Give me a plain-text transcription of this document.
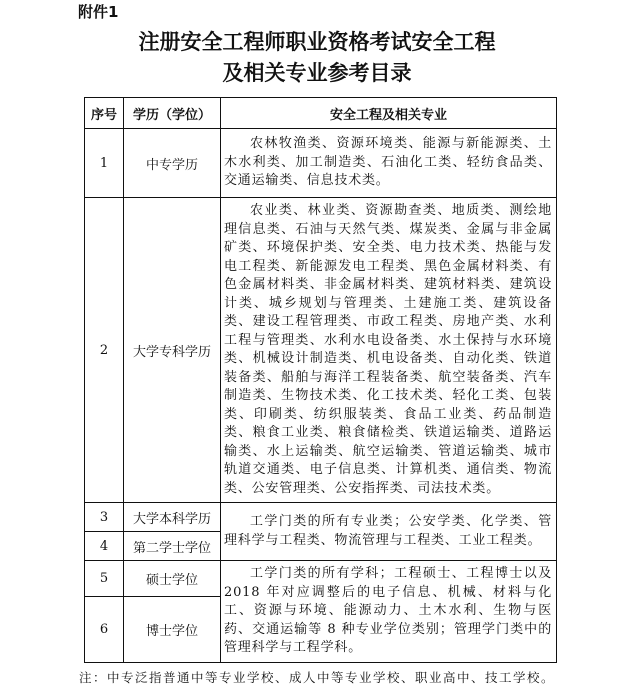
附件1
注册安全工程师职业资格考试安全工程
及相关专业参考目录
序号	学历（学位）	安全工程及相关专业
1	中专学历	农林牧渔类、资源环境类、能源与新能源类、土木水利类、加工制造类、石油化工类、轻纺食品类、交通运输类、信息技术类。
2	大学专科学历	农业类、林业类、资源勘查类、地质类、测绘地理信息类、石油与天然气类、煤炭类、金属与非金属矿类、环境保护类、安全类、电力技术类、热能与发电工程类、新能源发电工程类、黑色金属材料类、有色金属材料类、非金属材料类、建筑材料类、建筑设计类、城乡规划与管理类、土建施工类、建筑设备类、建设工程管理类、市政工程类、房地产类、水利工程与管理类、水利水电设备类、水土保持与水环境类、机械设计制造类、机电设备类、自动化类、铁道装备类、船舶与海洋工程装备类、航空装备类、汽车制造类、生物技术类、化工技术类、轻化工类、包装类、印刷类、纺织服装类、食品工业类、药品制造类、粮食工业类、粮食储检类、铁道运输类、道路运输类、水上运输类、航空运输类、管道运输类、城市轨道交通类、电子信息类、计算机类、通信类、物流类、公安管理类、公安指挥类、司法技术类。
3	大学本科学历	工学门类的所有专业类；公安学类、化学类、管理科学与工程类、物流管理与工程类、工业工程类。
4	第二学士学位	
5	硕士学位	工学门类的所有学科；工程硕士、工程博士以及 2018 年对应调整后的电子信息、机械、材料与化工、资源与环境、能源动力、土木水利、生物与医药、交通运输等 8 种专业学位类别；管理学门类中的管理科学与工程学科。
6	博士学位	
注：中专泛指普通中等专业学校、成人中等专业学校、职业高中、技工学校。
